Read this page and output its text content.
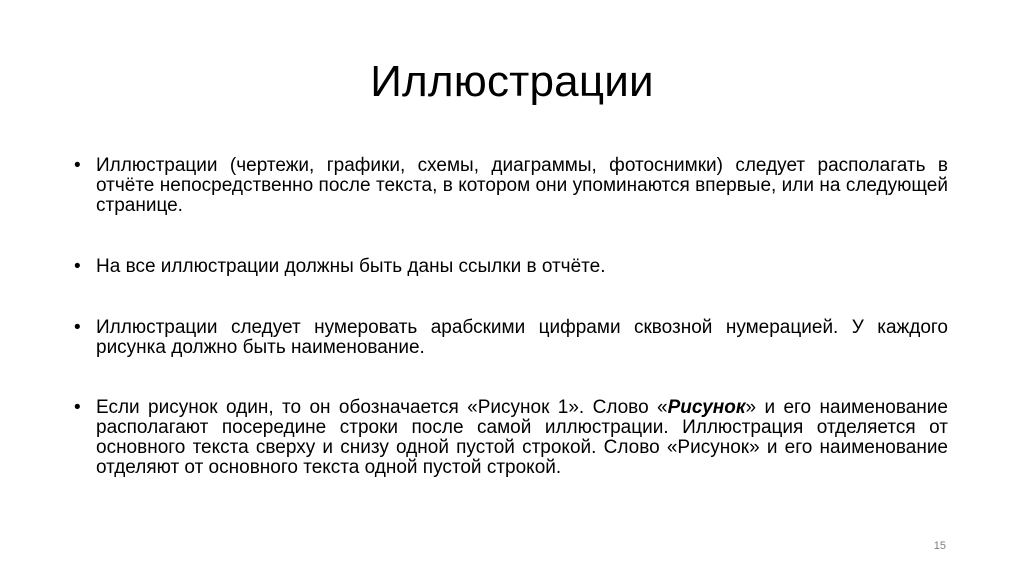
Иллюстрации
• Иллюстрации (чертежи, графики, схемы, диаграммы, фотоснимки) следует располагать в отчёте непосредственно после текста, в котором они упоминаются впервые, или на следующей странице.
• На все иллюстрации должны быть даны ссылки в отчёте.
• Иллюстрации следует нумеровать арабскими цифрами сквозной нумерацией. У каждого рисунка должно быть наименование.
• Если рисунок один, то он обозначается «Рисунок 1». Слово «Рисунок» и его наименование располагают посередине строки после самой иллюстрации. Иллюстрация отделяется от основного текста сверху и снизу одной пустой строкой. Слово «Рисунок» и его наименование отделяют от основного текста одной пустой строкой.
15
